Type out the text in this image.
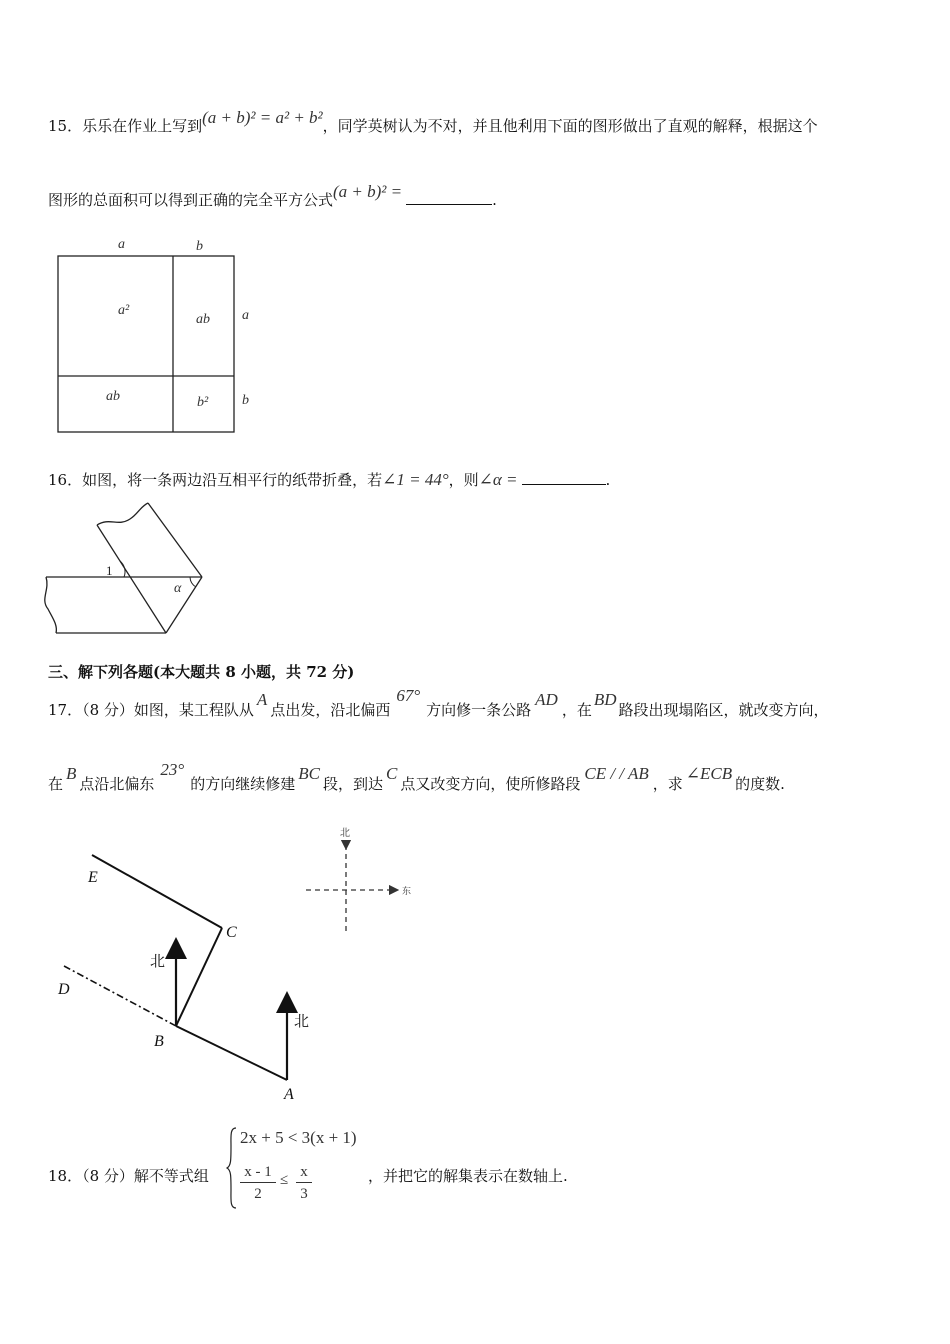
15．乐乐在作业上写到(a + b)² = a² + b²，同学英树认为不对，并且他利用下面的图形做出了直观的解释，根据这个
图形的总面积可以得到正确的完全平方公式(a + b)² =	.
a	b
a
b
a²
ab
ab	b²
16．如图，将一条两边沿互相平行的纸带折叠，若∠1 = 44°，则∠α =	.
1
α
三、解下列各题(本大题共 8 小题，共 72 分)
17．（8 分）如图，某工程队从A点出发，沿北偏西67°方向修一条公路AD，在BD路段出现塌陷区，就改变方向，
在B点沿北偏东23°的方向继续修建BC段，到达C点又改变方向，使所修路段CE / / AB，求∠ECB的度数.
北
东
E
C
D
B
A
北
北
18．（8 分）解不等式组
2x + 5 < 3(x + 1)
$\frac{x - 1}{2} \le \frac{x}{3}$	，并把它的解集表示在数轴上.
